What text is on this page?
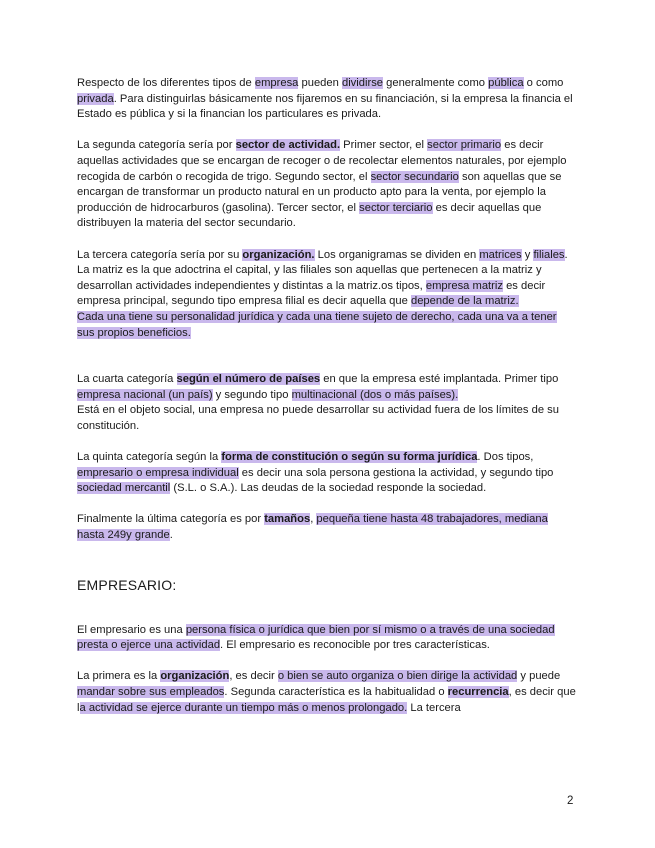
Respecto de los diferentes tipos de empresa pueden dividirse generalmente como pública o como privada. Para distinguirlas básicamente nos fijaremos en su financiación, si la empresa la financia el Estado es pública y si la financian los particulares es privada.

La segunda categoría sería por sector de actividad. Primer sector, el sector primario es decir aquellas actividades que se encargan de recoger o de recolectar elementos naturales, por ejemplo recogida de carbón o recogida de trigo. Segundo sector, el sector secundario son aquellas que se encargan de transformar un producto natural en un producto apto para la venta, por ejemplo la producción de hidrocarburos (gasolina). Tercer sector, el sector terciario es decir aquellas que distribuyen la materia del sector secundario.

La tercera categoría sería por su organización. Los organigramas se dividen en matrices y filiales. La matriz es la que adoctrina el capital, y las filiales son aquellas que pertenecen a la matriz y desarrollan actividades independientes y distintas a la matriz.os tipos, empresa matriz es decir empresa principal, segundo tipo empresa filial es decir aquella que depende de la matriz.
Cada una tiene su personalidad jurídica y cada una tiene sujeto de derecho, cada una va a tener sus propios beneficios.

La cuarta categoría según el número de países en que la empresa esté implantada. Primer tipo empresa nacional (un país) y segundo tipo multinacional (dos o más países).
Está en el objeto social, una empresa no puede desarrollar su actividad fuera de los límites de su constitución.

La quinta categoría según la forma de constitución o según su forma jurídica. Dos tipos, empresario o empresa individual es decir una sola persona gestiona la actividad, y segundo tipo sociedad mercantil (S.L. o S.A.). Las deudas de la sociedad responde la sociedad.

Finalmente la última categoría es por tamaños, pequeña tiene hasta 48 trabajadores, mediana hasta 249y grande.

EMPRESARIO:

El empresario es una persona física o jurídica que bien por sí mismo o a través de una sociedad presta o ejerce una actividad. El empresario es reconocible por tres características.

La primera es la organización, es decir o bien se auto organiza o bien dirige la actividad y puede mandar sobre sus empleados. Segunda característica es la habitualidad o recurrencia, es decir que la actividad se ejerce durante un tiempo más o menos prolongado. La tercera

2
